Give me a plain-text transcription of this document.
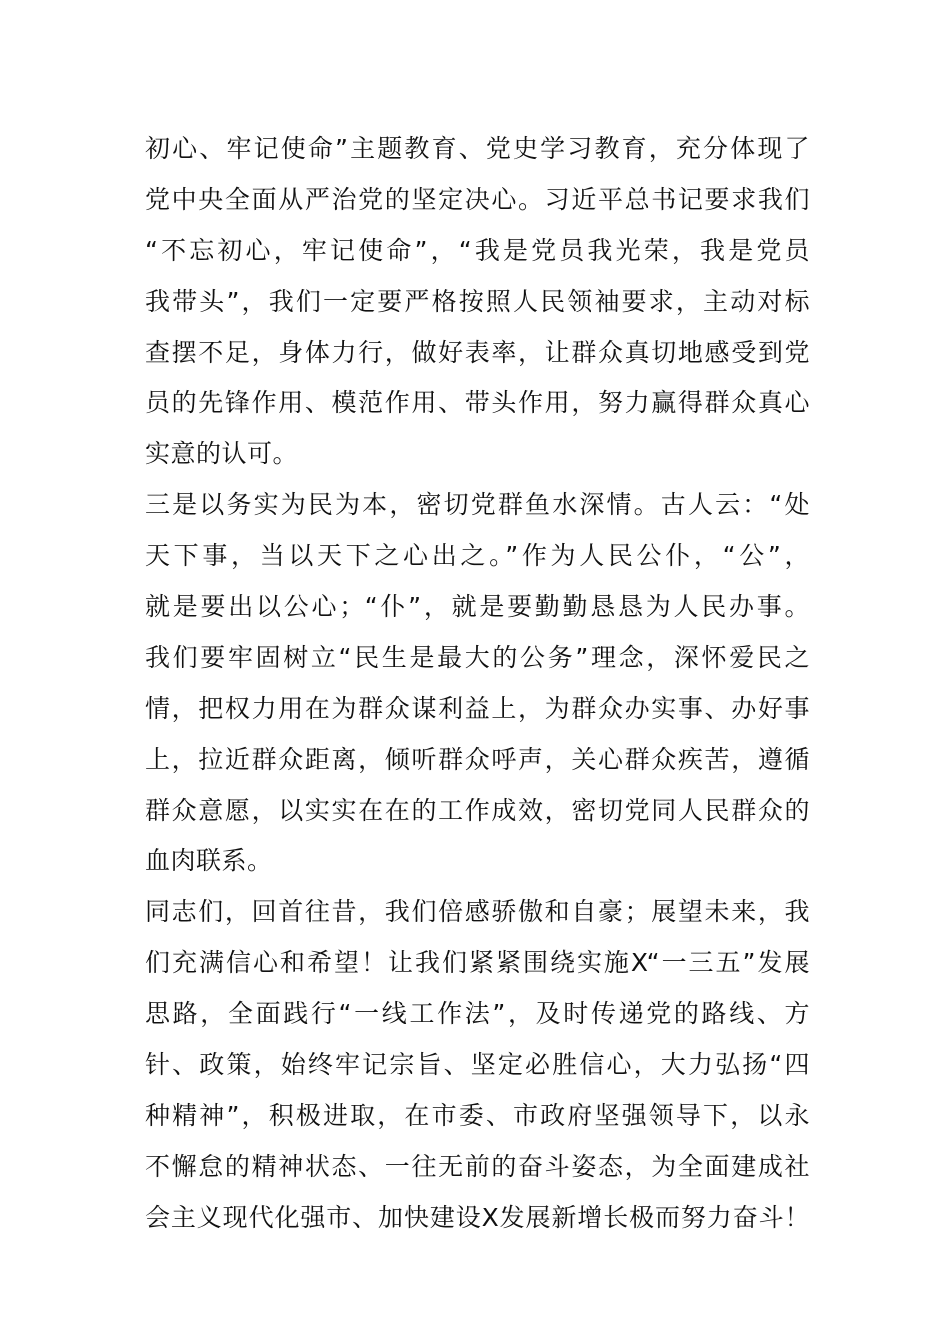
初心、牢记使命”主题教育、党史学习教育，充分体现了
党中央全面从严治党的坚定决心。习近平总书记要求我们
“不忘初心，牢记使命”，“我是党员我光荣，我是党员
我带头”，我们一定要严格按照人民领袖要求，主动对标
查摆不足，身体力行，做好表率，让群众真切地感受到党
员的先锋作用、模范作用、带头作用，努力赢得群众真心
实意的认可。
三是以务实为民为本，密切党群鱼水深情。古人云：“处
天下事，当以天下之心出之。”作为人民公仆，“公”，
就是要出以公心；“仆”，就是要勤勤恳恳为人民办事。
我们要牢固树立“民生是最大的公务”理念，深怀爱民之
情，把权力用在为群众谋利益上，为群众办实事、办好事
上，拉近群众距离，倾听群众呼声，关心群众疾苦，遵循
群众意愿，以实实在在的工作成效，密切党同人民群众的
血肉联系。
同志们，回首往昔，我们倍感骄傲和自豪；展望未来，我
们充满信心和希望！让我们紧紧围绕实施X“一三五”发展
思路，全面践行“一线工作法”，及时传递党的路线、方
针、政策，始终牢记宗旨、坚定必胜信心，大力弘扬“四
种精神”，积极进取，在市委、市政府坚强领导下，以永
不懈怠的精神状态、一往无前的奋斗姿态，为全面建成社
会主义现代化强市、加快建设X发展新增长极而努力奋斗！
